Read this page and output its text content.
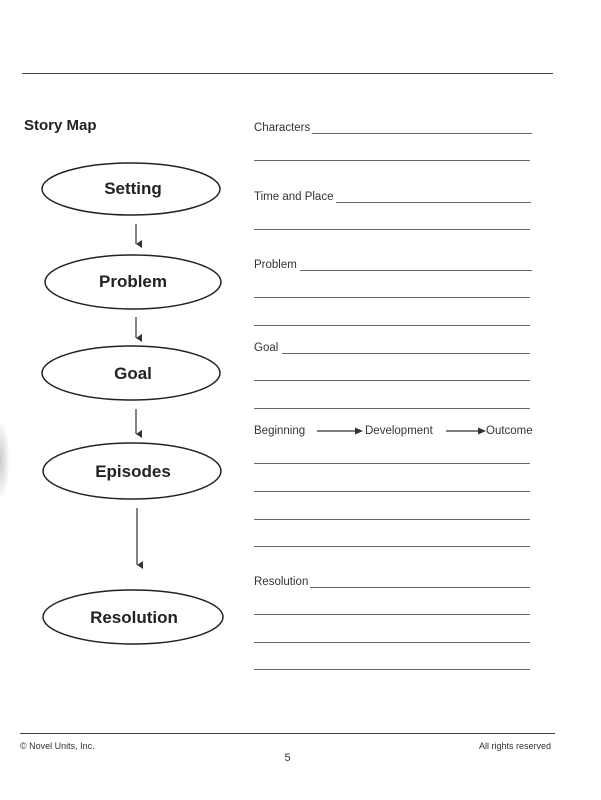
Story Map
Setting
Problem
Goal
Episodes
Resolution
Characters
Time and Place
Problem
Goal
Beginning	Development	Outcome
Resolution
© Novel Units, Inc.	All rights reserved
5
